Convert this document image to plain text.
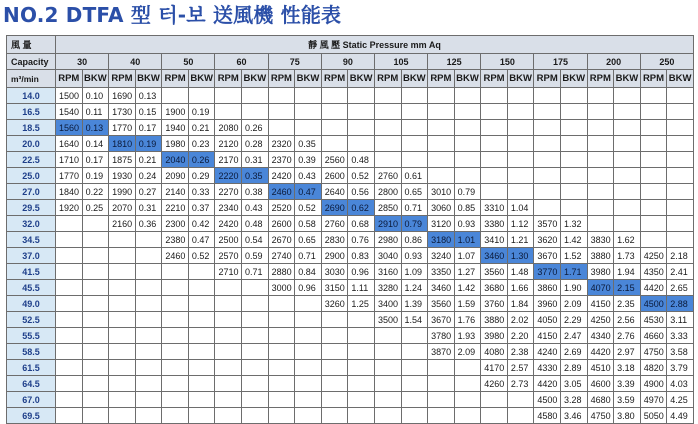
NO.2 DTFA 型 터-보 送風機 性能表
風 量	靜 風 壓 Static Pressure mm Aq																							
Capacity	30		40		50		60		75		90		105		125		150		175		200		250	
m³/min	RPM	BKW	RPM	BKW	RPM	BKW	RPM	BKW	RPM	BKW	RPM	BKW	RPM	BKW	RPM	BKW	RPM	BKW	RPM	BKW	RPM	BKW	RPM	BKW
14.0	1500	0.10	1690	0.13																				
16.5	1540	0.11	1730	0.15	1900	0.19																		
18.5	1560	0.13	1770	0.17	1940	0.21	2080	0.26																
20.0	1640	0.14	1810	0.19	1980	0.23	2120	0.28	2320	0.35														
22.5	1710	0.17	1875	0.21	2040	0.26	2170	0.31	2370	0.39	2560	0.48												
25.0	1770	0.19	1930	0.24	2090	0.29	2220	0.35	2420	0.43	2600	0.52	2760	0.61										
27.0	1840	0.22	1990	0.27	2140	0.33	2270	0.38	2460	0.47	2640	0.56	2800	0.65	3010	0.79								
29.5	1920	0.25	2070	0.31	2210	0.37	2340	0.43	2520	0.52	2690	0.62	2850	0.71	3060	0.85	3310	1.04						
32.0			2160	0.36	2300	0.42	2420	0.48	2600	0.58	2760	0.68	2910	0.79	3120	0.93	3380	1.12	3570	1.32				
34.5					2380	0.47	2500	0.54	2670	0.65	2830	0.76	2980	0.86	3180	1.01	3410	1.21	3620	1.42	3830	1.62		
37.0					2460	0.52	2570	0.59	2740	0.71	2900	0.83	3040	0.93	3240	1.07	3460	1.30	3670	1.52	3880	1.73	4250	2.18
41.5							2710	0.71	2880	0.84	3030	0.96	3160	1.09	3350	1.27	3560	1.48	3770	1.71	3980	1.94	4350	2.41
45.5									3000	0.96	3150	1.11	3280	1.24	3460	1.42	3680	1.66	3860	1.90	4070	2.15	4420	2.65
49.0											3260	1.25	3400	1.39	3560	1.59	3760	1.84	3960	2.09	4150	2.35	4500	2.88
52.5													3500	1.54	3670	1.76	3880	2.02	4050	2.29	4250	2.56	4530	3.11
55.5															3780	1.93	3980	2.20	4150	2.47	4340	2.76	4660	3.33
58.5															3870	2.09	4080	2.38	4240	2.69	4420	2.97	4750	3.58
61.5																	4170	2.57	4330	2.89	4510	3.18	4820	3.79
64.5																	4260	2.73	4420	3.05	4600	3.39	4900	4.03
67.0																			4500	3.28	4680	3.59	4970	4.25
69.5																			4580	3.46	4750	3.80	5050	4.49
